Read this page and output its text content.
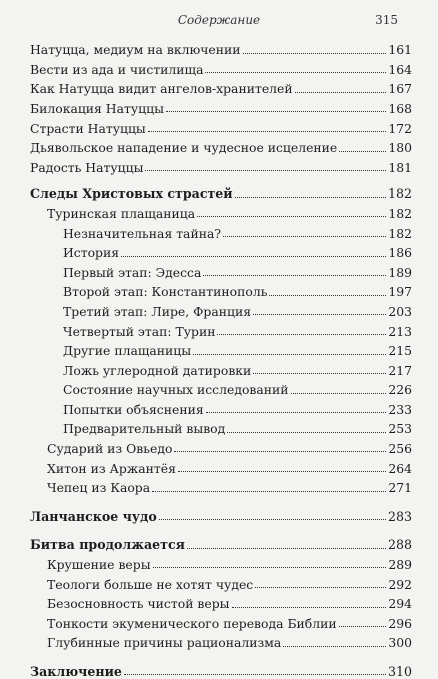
Содержание	315
Натуцца, медиум на включении	161
Вести из ада и чистилища	164
Как Натуцца видит ангелов-хранителей	167
Билокация Натуццы	168
Страсти Натуццы	172
Дьявольское нападение и чудесное исцеление	180
Радость Натуццы	181
Следы Христовых страстей	182
Туринская плащаница	182
Незначительная тайна?	182
История	186
Первый этап: Эдесса	189
Второй этап: Константинополь	197
Третий этап: Лире, Франция	203
Четвертый этап: Турин	213
Другие плащаницы	215
Ложь углеродной датировки	217
Состояние научных исследований	226
Попытки объяснения	233
Предварительный вывод	253
Сударий из Овьедо	256
Хитон из Аржантёя	264
Чепец из Каора	271
Ланчанское чудо	283
Битва продолжается	288
Крушение веры	289
Теологи больше не хотят чудес	292
Безосновность чистой веры	294
Тонкости экуменического перевода Библии	296
Глубинные причины рационализма	300
Заключение	310
